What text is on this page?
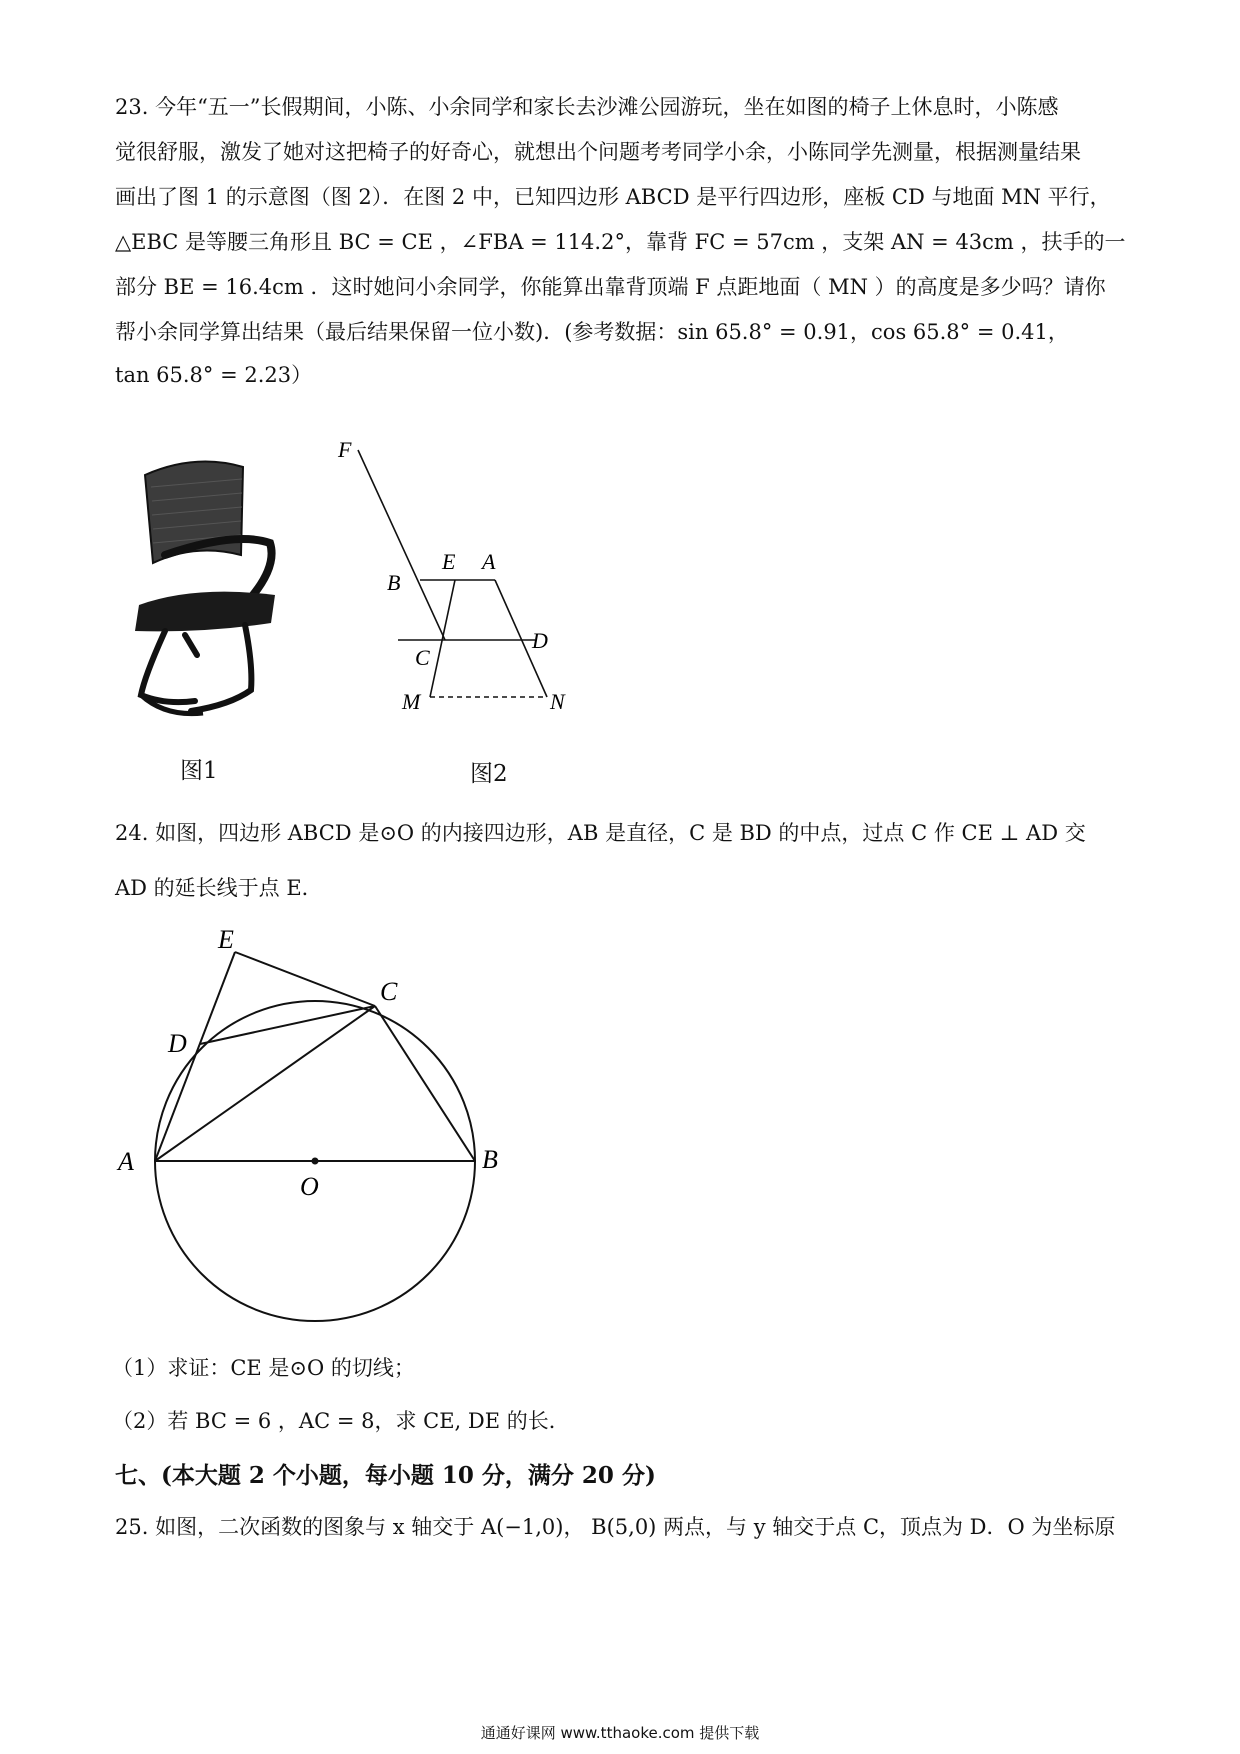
23. 今年“五一”长假期间，小陈、小余同学和家长去沙滩公园游玩，坐在如图的椅子上休息时，小陈感
觉很舒服，激发了她对这把椅子的好奇心，就想出个问题考考同学小余，小陈同学先测量，根据测量结果
画出了图 1 的示意图（图 2）．在图 2 中，已知四边形 ABCD 是平行四边形，座板 CD 与地面 MN 平行，
△EBC 是等腰三角形且 BC = CE ，∠FBA = 114.2°，靠背 FC = 57cm ，支架 AN = 43cm ，扶手的一
部分 BE = 16.4cm ．这时她问小余同学，你能算出靠背顶端 F 点距地面（ MN ）的高度是多少吗？请你
帮小余同学算出结果（最后结果保留一位小数)．(参考数据：sin 65.8° = 0.91，cos 65.8° = 0.41，
tan 65.8° = 2.23）
图1
F
B
E A
C
D
M	N
图2
24. 如图，四边形 ABCD 是⊙O 的内接四边形，AB 是直径，C 是 BD 的中点，过点 C 作 CE ⊥ AD 交
AD 的延长线于点 E．
E
C
D
A	B
O
（1）求证：CE 是⊙O 的切线；
（2）若 BC = 6 ，AC = 8，求 CE, DE 的长．
七、(本大题 2 个小题，每小题 10 分，满分 20 分)
25. 如图，二次函数的图象与 x 轴交于 A(−1,0)， B(5,0) 两点，与 y 轴交于点 C，顶点为 D．O 为坐标原
通通好课网 www.tthaoke.com 提供下载
